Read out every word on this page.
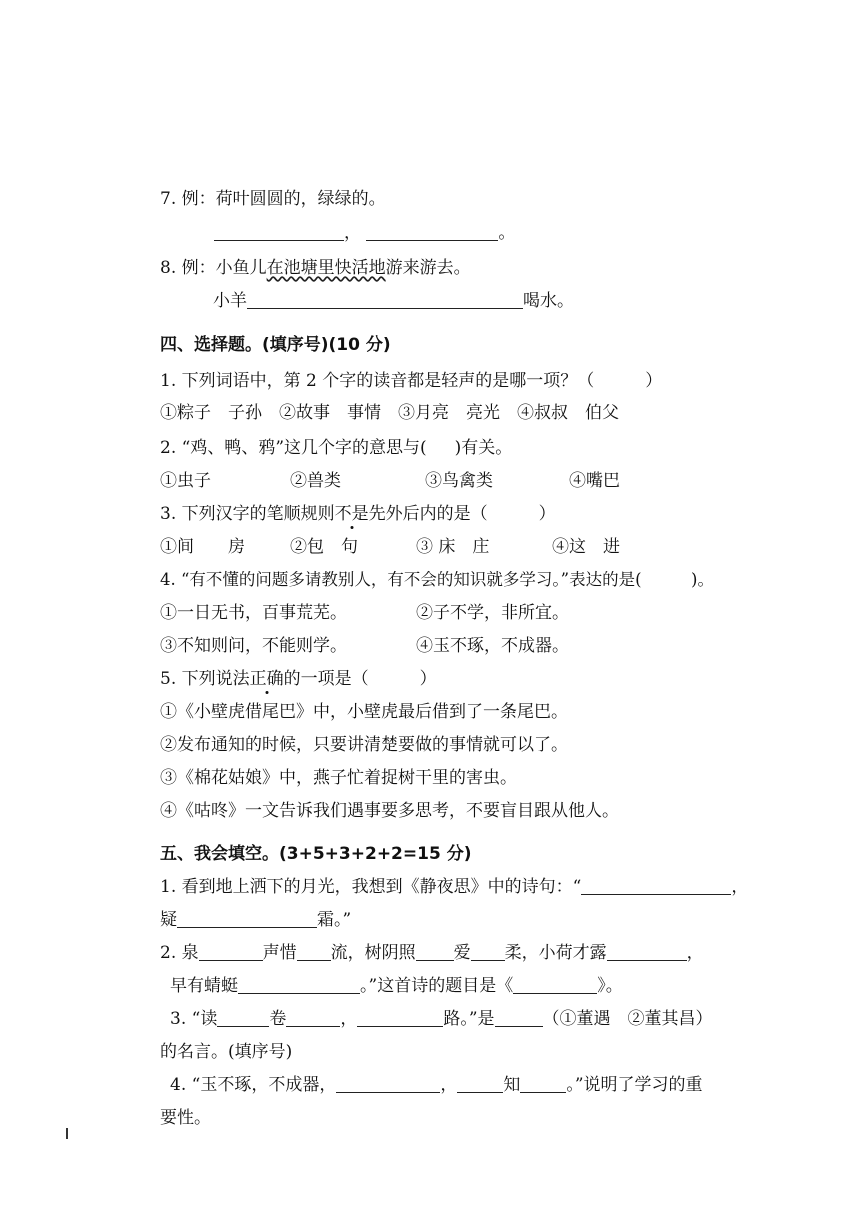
7. 例：荷叶圆圆的，绿绿的。
，	。
8. 例：小鱼儿在池塘里快活地游来游去。
小羊	喝水。
四、选择题。(填序号)(10 分)
1. 下列词语中，第 2 个字的读音都是轻声的是哪一项？（　　　）
①粽子　子孙　②故事　事情　③月亮　亮光　④叔叔　伯父
2. “鸡、鸭、鸦”这几个字的意思与( )有关。
①虫子	②兽类	③鸟禽类	④嘴巴
3. 下列汉字的笔顺规则不是先外后内的是（　　　）
①间　　房	②包　句	③ 床　庄	④这　进
4. “有不懂的问题多请教别人，有不会的知识就多学习。”表达的是(　　　)。
①一日无书，百事荒芜。	②子不学，非所宜。
③不知则问，不能则学。	④玉不琢，不成器。
5. 下列说法正确的一项是（　　　）
①《小壁虎借尾巴》中，小壁虎最后借到了一条尾巴。
②发布通知的时候，只要讲清楚要做的事情就可以了。
③《棉花姑娘》中，燕子忙着捉树干里的害虫。
④《咕咚》一文告诉我们遇事要多思考，不要盲目跟从他人。
五、我会填空。(3+5+3+2+2=15 分)
1. 看到地上洒下的月光，我想到《静夜思》中的诗句：“	，
疑	霜。”
2. 泉	声惜 流，树阴照 爱 柔，小荷才露	，
早有蜻蜓	。”这首诗的题目是《	》。
3. “读	卷	，	路。”是	（①董遇　②董其昌）
的名言。(填序号)
4. “玉不琢，不成器，	，	知	。”说明了学习的重
要性。
